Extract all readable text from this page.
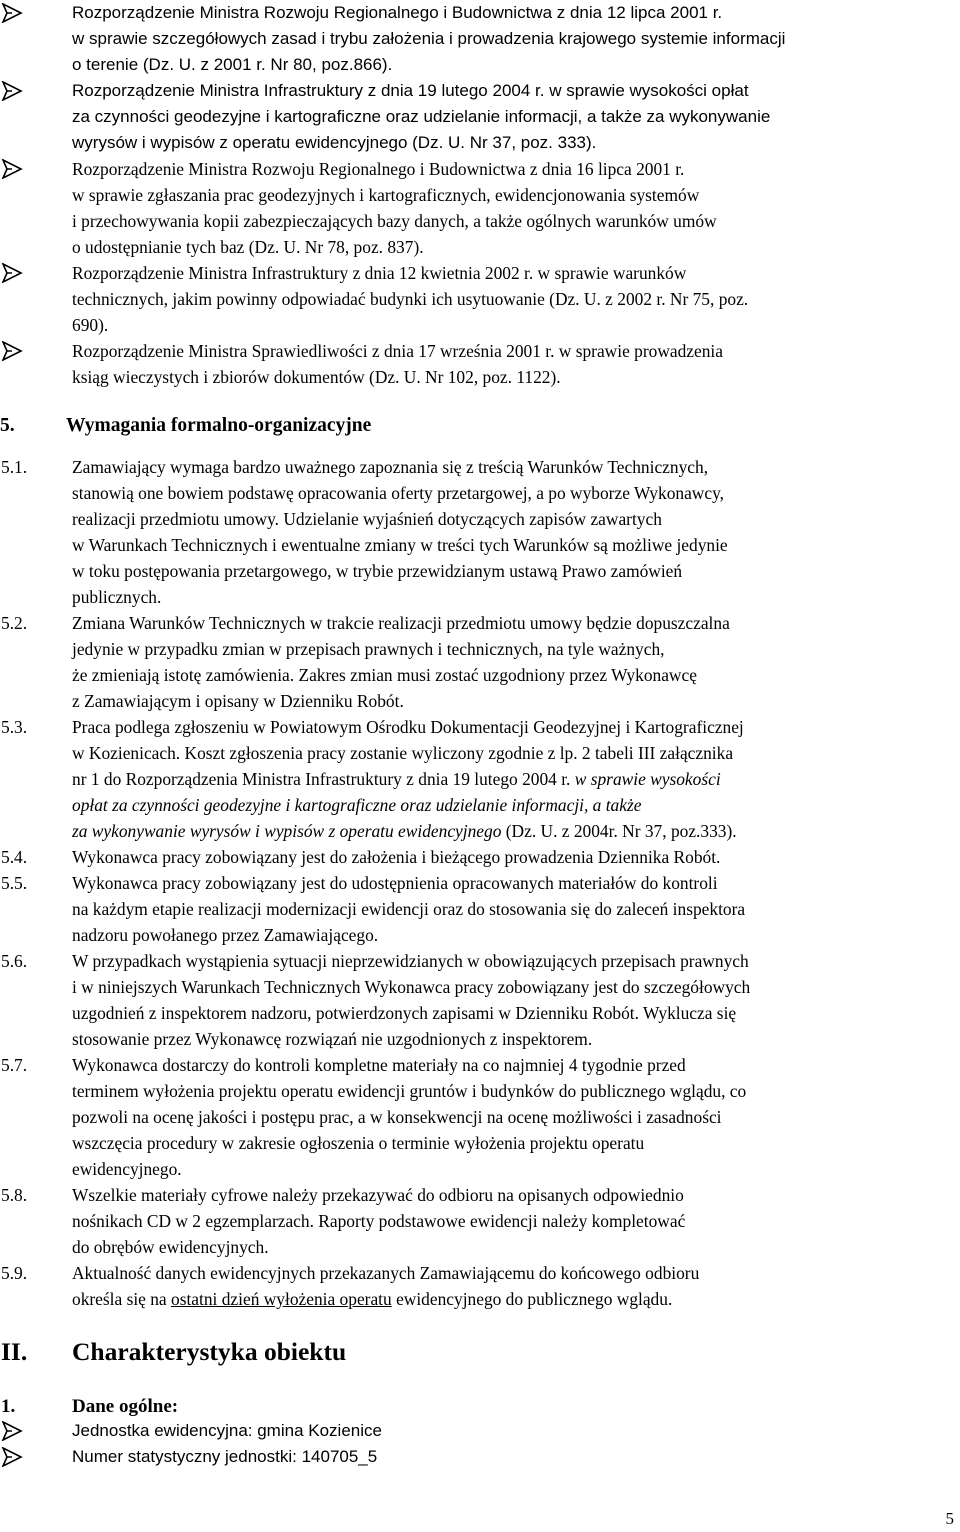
Rozporządzenie Ministra Rozwoju Regionalnego i Budownictwa z dnia 12 lipca 2001 r.
w sprawie szczegółowych zasad i trybu założenia i prowadzenia krajowego systemie informacji
o terenie (Dz. U. z 2001 r. Nr 80, poz.866).
Rozporządzenie Ministra Infrastruktury z dnia 19 lutego 2004 r. w sprawie wysokości opłat
za czynności geodezyjne i kartograficzne oraz udzielanie informacji, a także za wykonywanie
wyrysów i wypisów z operatu ewidencyjnego (Dz. U. Nr 37, poz. 333).
Rozporządzenie Ministra Rozwoju Regionalnego i Budownictwa z dnia 16 lipca 2001 r.
w sprawie zgłaszania prac geodezyjnych i kartograficznych, ewidencjonowania systemów
i przechowywania kopii zabezpieczających bazy danych, a także ogólnych warunków umów
o udostępnianie tych baz (Dz. U. Nr 78, poz. 837).
Rozporządzenie Ministra Infrastruktury z dnia 12 kwietnia 2002 r. w sprawie warunków
technicznych, jakim powinny odpowiadać budynki ich usytuowanie (Dz. U. z 2002 r. Nr 75, poz.
690).
Rozporządzenie Ministra Sprawiedliwości z dnia 17 września 2001 r. w sprawie prowadzenia
ksiąg wieczystych i zbiorów dokumentów (Dz. U. Nr 102, poz. 1122).
5.	Wymagania formalno-organizacyjne
5.1.	Zamawiający wymaga bardzo uważnego zapoznania się z treścią Warunków Technicznych,
stanowią one bowiem podstawę opracowania oferty przetargowej, a po wyborze Wykonawcy,
realizacji przedmiotu umowy. Udzielanie wyjaśnień dotyczących zapisów zawartych
w Warunkach Technicznych i ewentualne zmiany w treści tych Warunków są możliwe jedynie
w toku postępowania przetargowego, w trybie przewidzianym ustawą Prawo zamówień
publicznych.
5.2.	Zmiana Warunków Technicznych w trakcie realizacji przedmiotu umowy będzie dopuszczalna
jedynie w przypadku zmian w przepisach prawnych i technicznych, na tyle ważnych,
że zmieniają istotę zamówienia. Zakres zmian musi zostać uzgodniony przez Wykonawcę
z Zamawiającym i opisany w Dzienniku Robót.
5.3.	Praca podlega zgłoszeniu w Powiatowym Ośrodku Dokumentacji Geodezyjnej i Kartograficznej
w Kozienicach. Koszt zgłoszenia pracy zostanie wyliczony zgodnie z lp. 2 tabeli III załącznika
nr 1 do Rozporządzenia Ministra Infrastruktury z dnia 19 lutego 2004 r. w sprawie wysokości
opłat za czynności geodezyjne i kartograficzne oraz udzielanie informacji, a także
za wykonywanie wyrysów i wypisów z operatu ewidencyjnego (Dz. U. z 2004r. Nr 37, poz.333).
5.4.	Wykonawca pracy zobowiązany jest do założenia i bieżącego prowadzenia Dziennika Robót.
5.5.	Wykonawca pracy zobowiązany jest do udostępnienia opracowanych materiałów do kontroli
na każdym etapie realizacji modernizacji ewidencji oraz do stosowania się do zaleceń inspektora
nadzoru powołanego przez Zamawiającego.
5.6.	W przypadkach wystąpienia sytuacji nieprzewidzianych w obowiązujących przepisach prawnych
i w niniejszych Warunkach Technicznych Wykonawca pracy zobowiązany jest do szczegółowych
uzgodnień z inspektorem nadzoru, potwierdzonych zapisami w Dzienniku Robót. Wyklucza się
stosowanie przez Wykonawcę rozwiązań nie uzgodnionych z inspektorem.
5.7.	Wykonawca dostarczy do kontroli kompletne materiały na co najmniej 4 tygodnie przed
terminem wyłożenia projektu operatu ewidencji gruntów i budynków do publicznego wglądu, co
pozwoli na ocenę jakości i postępu prac, a w konsekwencji na ocenę możliwości i zasadności
wszczęcia procedury w zakresie ogłoszenia o terminie wyłożenia projektu operatu
ewidencyjnego.
5.8.	Wszelkie materiały cyfrowe należy przekazywać do odbioru na opisanych odpowiednio
nośnikach CD w 2 egzemplarzach. Raporty podstawowe ewidencji należy kompletować
do obrębów ewidencyjnych.
5.9.	Aktualność danych ewidencyjnych przekazanych Zamawiającemu do końcowego odbioru
określa się na ostatni dzień wyłożenia operatu ewidencyjnego do publicznego wglądu.
II. Charakterystyka obiektu
1.	Dane ogólne:
Jednostka ewidencyjna: gmina Kozienice
Numer statystyczny jednostki: 140705_5
5
